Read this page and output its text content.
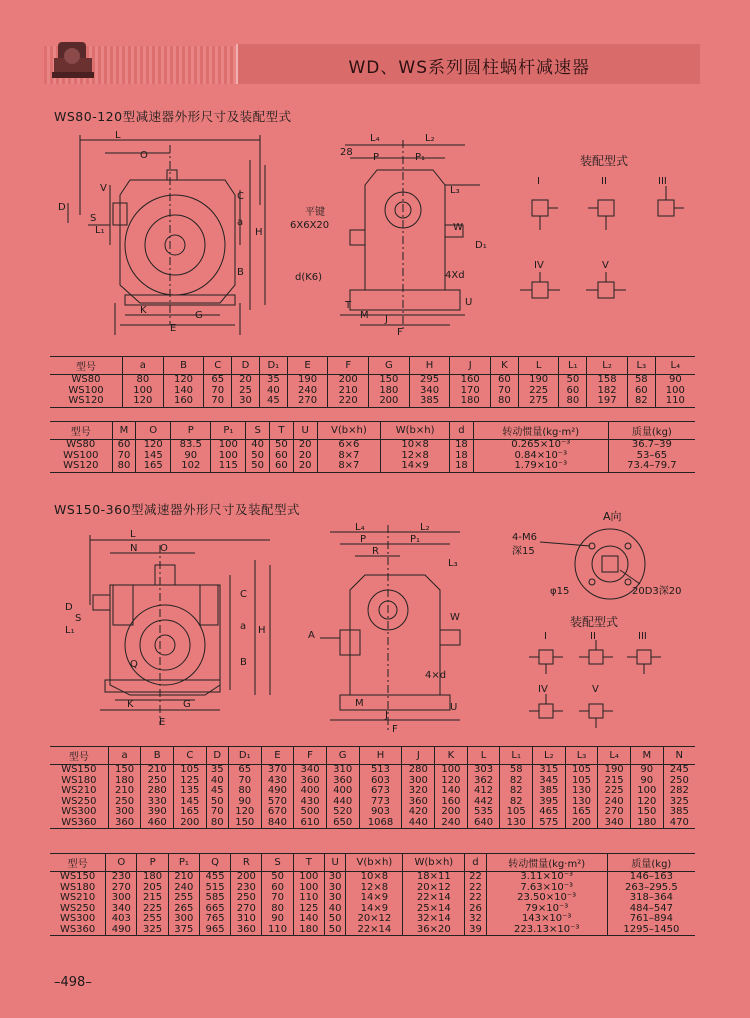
WD、WS系列圆柱蜗杆减速器
WS80-120型减速器外形尺寸及装配型式
L
O
V
D
S
L₁
C
a
H
B
K	G
E
28
L₄	L₂
P	P₁
L₃
平键
6X6X20	W
D₁
d(K6)	4Xd
U
T
M J
F
装配型式
I	II	III
IV	V
型号	a	B	C	D	D₁	E	F	G	H	J	K	L	L₁	L₂	L₃	L₄
WS80	80	120	65	20	35	190	200	150	295	160	60	190	50	158	58	90
WS100	100	140	70	25	40	240	210	180	340	170	70	225	60	182	60	100
WS120	120	160	70	30	45	270	220	200	385	180	80	275	80	197	82	110
型号	M	O	P	P₁	S	T	U	V(b×h)	W(b×h)	d	转动惯量(kg·m²)	质量(kg)
WS80	60	120	83.5	100	40	50	20	6×6	10×8	18	0.265×10⁻³	36.7–39
WS100	70	145	90	100	50	60	20	8×7	12×8	18	0.84×10⁻³	53–65
WS120	80	165	102	115	50	60	20	8×7	14×9	18	1.79×10⁻³	73.4–79.7
WS150-360型减速器外形尺寸及装配型式
L
N O
D
S
L₁
C
a H
B
Q
K	G
E
L₄	L₂
P	P₁
R
L₃
A
W
4×d
U
M
J
F
A向
4-M6
深15
φ15	20D3深20
装配型式
I	II	III
IV	V
型号	a	B	C	D	D₁	E	F	G	H	J	K	L	L₁	L₂	L₃	L₄	M	N
WS150	150	210	105	35	65	370	340	310	513	280	100	303	58	315	105	190	90	245
WS180	180	250	125	40	70	430	360	360	603	300	120	362	82	345	105	215	90	250
WS210	210	280	135	45	80	490	400	400	673	320	140	412	82	385	130	225	100	282
WS250	250	330	145	50	90	570	430	440	773	360	160	442	82	395	130	240	120	325
WS300	300	390	165	70	120	670	500	520	903	420	200	535	105	465	165	270	150	385
WS360	360	460	200	80	150	840	610	650	1068	440	240	640	130	575	200	340	180	470
型号	O	P	P₁	Q	R	S	T	U	V(b×h)	W(b×h)	d	转动惯量(kg·m²)	质量(kg)
WS150	230	180	210	455	200	50	100	30	10×8	18×11	22	3.11×10⁻³	146–163
WS180	270	205	240	515	230	60	100	30	12×8	20×12	22	7.63×10⁻³	263–295.5
WS210	300	215	255	585	250	70	110	30	14×9	22×14	22	23.50×10⁻³	318–364
WS250	340	225	265	665	270	80	125	40	14×9	25×14	26	79×10⁻³	484–547
WS300	403	255	300	765	310	90	140	50	20×12	32×14	32	143×10⁻³	761–894
WS360	490	325	375	965	360	110	180	50	22×14	36×20	39	223.13×10⁻³	1295–1450
–498–
